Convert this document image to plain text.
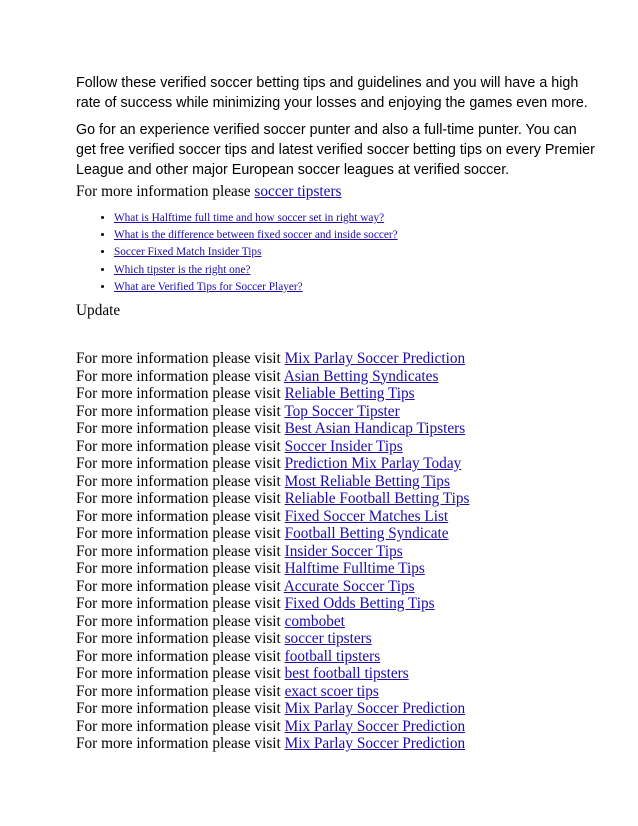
Follow these verified soccer betting tips and guidelines and you will have a high rate of success while minimizing your losses and enjoying the games even more.

Go for an experience verified soccer punter and also a full-time punter. You can get free verified soccer tips and latest verified soccer betting tips on every Premier League and other major European soccer leagues at verified soccer.

For more information please soccer tipsters

• What is Halftime full time and how soccer set in right way?
• What is the difference between fixed soccer and inside soccer?
• Soccer Fixed Match Insider Tips
• Which tipster is the right one?
• What are Verified Tips for Soccer Player?

Update

For more information please visit Mix Parlay Soccer Prediction
For more information please visit Asian Betting Syndicates
For more information please visit Reliable Betting Tips
For more information please visit Top Soccer Tipster
For more information please visit Best Asian Handicap Tipsters
For more information please visit Soccer Insider Tips
For more information please visit Prediction Mix Parlay Today
For more information please visit Most Reliable Betting Tips
For more information please visit Reliable Football Betting Tips
For more information please visit Fixed Soccer Matches List
For more information please visit Football Betting Syndicate
For more information please visit Insider Soccer Tips
For more information please visit Halftime Fulltime Tips
For more information please visit Accurate Soccer Tips
For more information please visit Fixed Odds Betting Tips
For more information please visit combobet
For more information please visit soccer tipsters
For more information please visit football tipsters
For more information please visit best football tipsters
For more information please visit exact scoer tips
For more information please visit Mix Parlay Soccer Prediction
For more information please visit Mix Parlay Soccer Prediction
For more information please visit Mix Parlay Soccer Prediction
